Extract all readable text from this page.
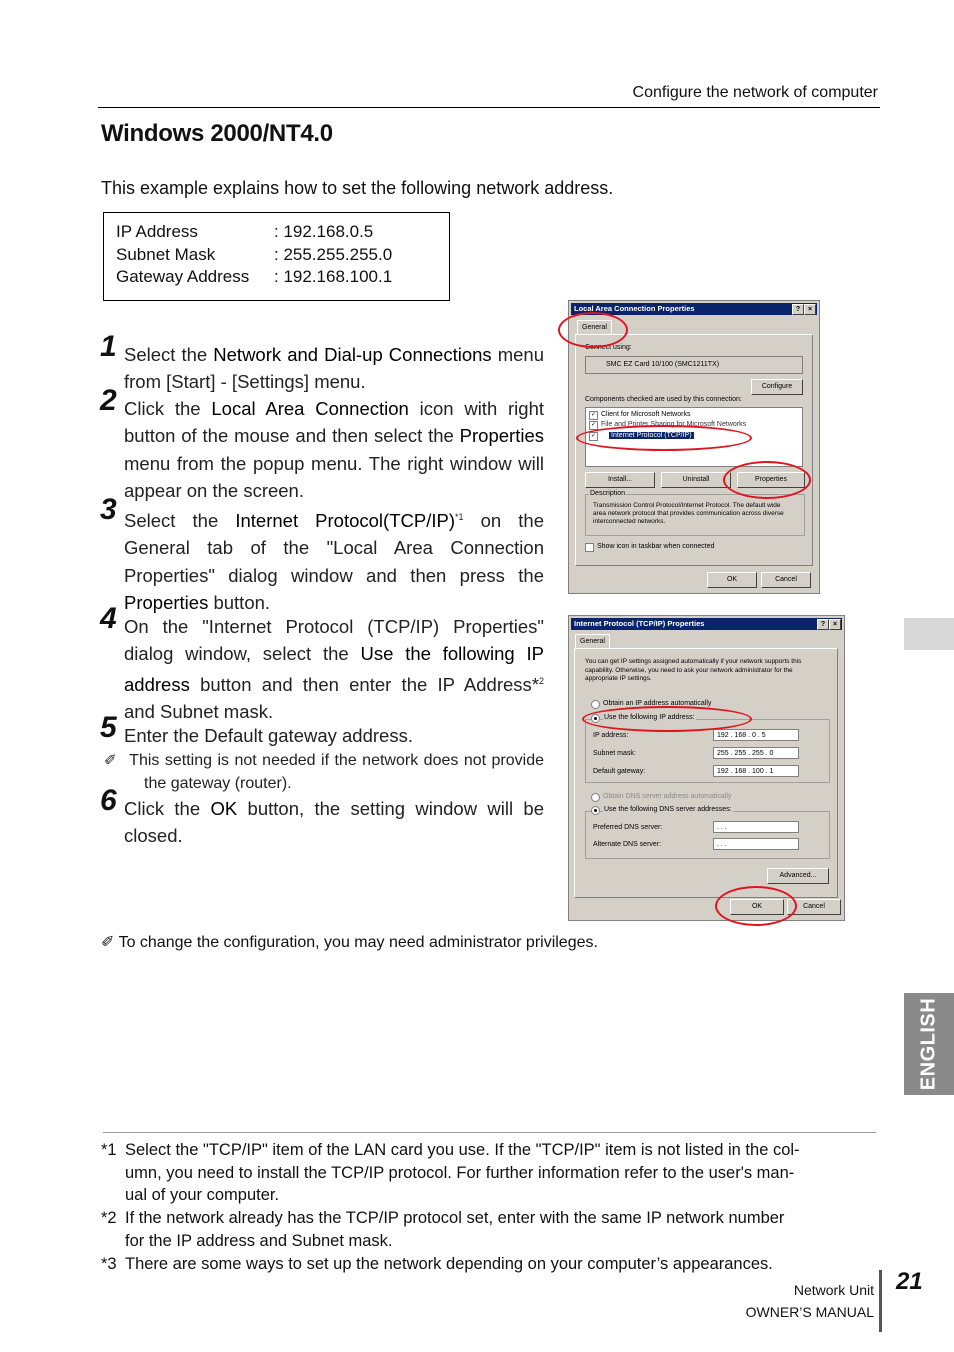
Configure the network of computer
Windows 2000/NT4.0
This example explains how to set the following network address.
IP Address	: 192.168.0.5
Subnet Mask	: 255.255.255.0
Gateway Address : 192.168.100.1
1 Select the Network and Dial-up Connections menu from [Start] - [Settings] menu.
2 Click the Local Area Connection icon with right button of the mouse and then select the Properties menu from the popup menu. The right window will appear on the screen.
3 Select the Internet $Protocol(TCP/IP)^{*1}$ on the General tab of the "Local Area Connection Properties" dialog window and then press the Properties button.
4 On the "Internet Protocol (TCP/IP) Properties" dialog window, select the Use the following IP address button and then enter the IP Address*$^2$ and Subnet mask.
5 Enter the Default gateway address.
✐ This setting is not needed if the network does not provide the gateway (router).
6 Click the OK button, the setting window will be closed.
Local Area Connection Properties	?	×
General
Connect using:
SMC EZ Card 10/100 (SMC1211TX)
Configure
Components checked are used by this connection:
✓ Client for Microsoft Networks
✓ File and Printer Sharing for Microsoft Networks
✓ Internet Protocol (TCP/IP)
Install...	Uninstall	Properties
Description
Transmission Control Protocol/Internet Protocol. The default wide area network protocol that provides communication across diverse interconnected networks.
Show icon in taskbar when connected
OK	Cancel
Internet Protocol (TCP/IP) Properties	?	×
General
You can get IP settings assigned automatically if your network supports this capability. Otherwise, you need to ask your network administrator for the appropriate IP settings.
Obtain an IP address automatically
Use the following IP address:
IP address:	192 . 168 . 0 . 5
Subnet mask:	255 . 255 . 255 . 0
Default gateway:	192 . 168 . 100 . 1
Obtain DNS server address automatically
Use the following DNS server addresses:
Preferred DNS server:	. . .
Alternate DNS server:	. . .
Advanced...
OK	Cancel
✐ To change the configuration, you may need administrator privileges.
ENGLISH
*1 Select the "TCP/IP" item of the LAN card you use. If the "TCP/IP" item is not listed in the col-
umn, you need to install the TCP/IP protocol. For further information refer to the user's man-
ual of your computer.
*2 If the network already has the TCP/IP protocol set, enter with the same IP network number
for the IP address and Subnet mask.
*3 There are some ways to set up the network depending on your computer’s appearances.
Network Unit
OWNER’S MANUAL
21
